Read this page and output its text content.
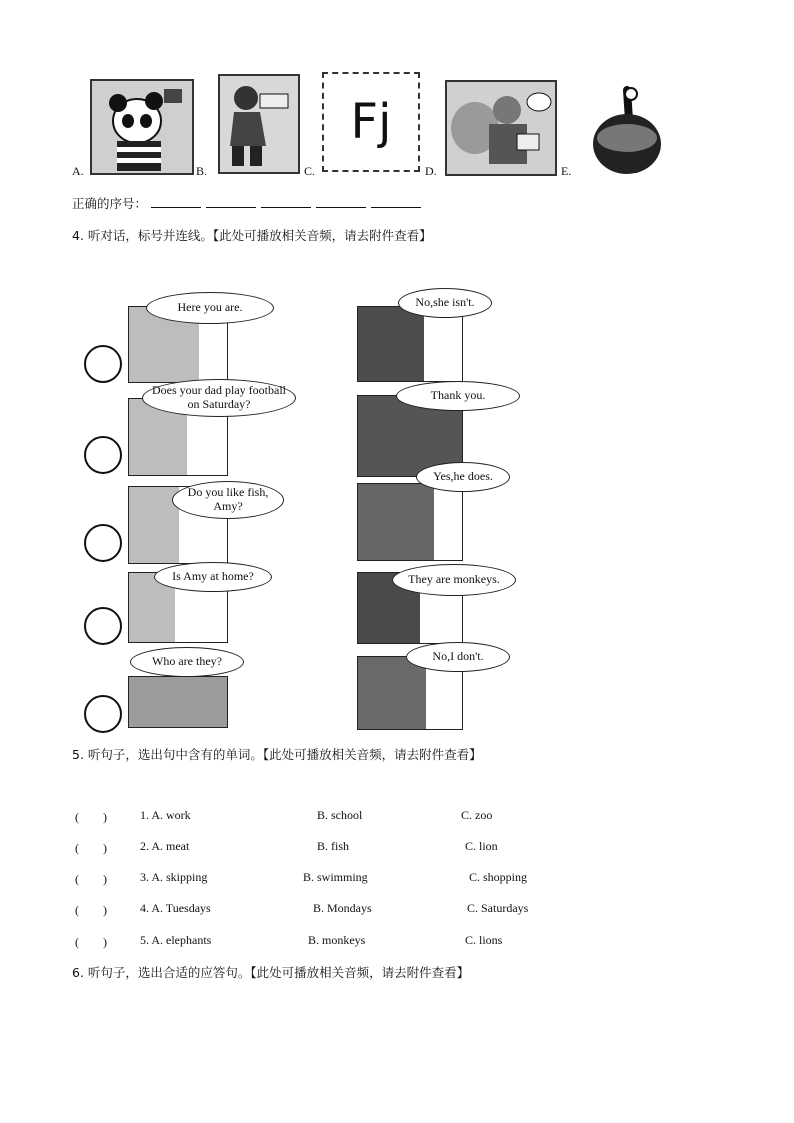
A.	B.	C.
Fj
D.	E.
正确的序号：
4. 听对话，标号并连线。【此处可播放相关音频，请去附件查看】
Here you are.
Does your dad play football on Saturday?
Do you like fish, Amy?
Is Amy at home?
Who are they?
No,she isn't.
Thank you.
Yes,he does.
They are monkeys.
No,I don't.
5. 听句子，选出句中含有的单词。【此处可播放相关音频，请去附件查看】
(　　)	1. A. work	B. school	C. zoo
(　　)	2. A. meat	B. fish	C. lion
(　　)	3. A. skipping	B. swimming	C. shopping
(　　)	4. A. Tuesdays	B. Mondays	C. Saturdays
(　　)	5. A. elephants	B. monkeys	C. lions
6. 听句子，选出合适的应答句。【此处可播放相关音频，请去附件查看】
